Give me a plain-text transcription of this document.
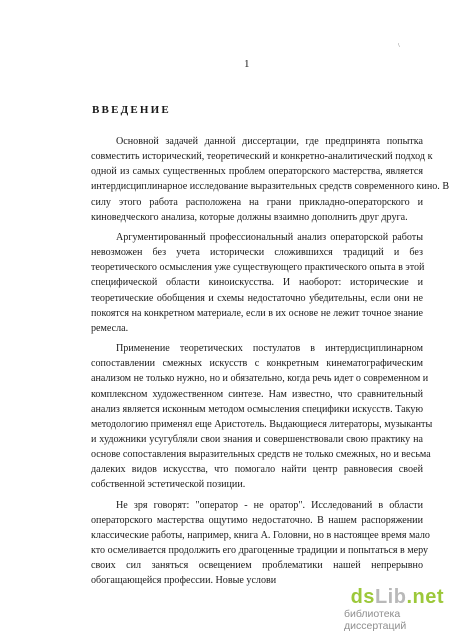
\
1
ВВЕДЕНИЕ
Основной задачей данной диссертации, где предпринята попытка
совместить исторический, теоретический и конкретно-аналитический подход к
одной из самых существенных проблем операторского мастерства, является
интердисциплинарное исследование выразительных средств современного кино. В
силу этого работа расположена на грани прикладно-операторского и
киноведческого анализа, которые должны взаимно дополнить друг друга.
Аргументированный профессиональный анализ операторской работы
невозможен без учета исторически сложившихся традиций и без
теоретического осмысления уже существующего практического опыта в этой
специфической области киноискусства. И наоборот: исторические и
теоретические обобщения и схемы недостаточно убедительны, если они не
покоятся на конкретном материале, если в их основе не лежит точное знание
ремесла.
Применение теоретических постулатов в интердисциплинарном
сопоставлении смежных искусств с конкретным кинематографическим
анализом не только нужно, но и обязательно, когда речь идет о современном и
комплексном художественном синтезе. Нам известно, что сравнительный
анализ является исконным методом осмысления специфики искусств. Такую
методологию применял еще Аристотель. Выдающиеся литераторы, музыканты
и художники усугубляли свои знания и совершенствовали свою практику на
основе сопоставления выразительных средств не только смежных, но и весьма
далеких видов искусства, что помогало найти центр равновесия своей
собственной эстетической позиции.
Не зря говорят: "оператор - не оратор". Исследований в области
операторского мастерства ощутимо недостаточно. В нашем распоряжении
классические работы, например, книга А. Головни, но в настоящее время мало
кто осмеливается продолжить его драгоценные традиции и попытаться в меру
своих сил заняться освещением проблематики нашей непрерывно
обогащающейся профессии. Новые услови
dsLib.net
библиотека диссертаций
